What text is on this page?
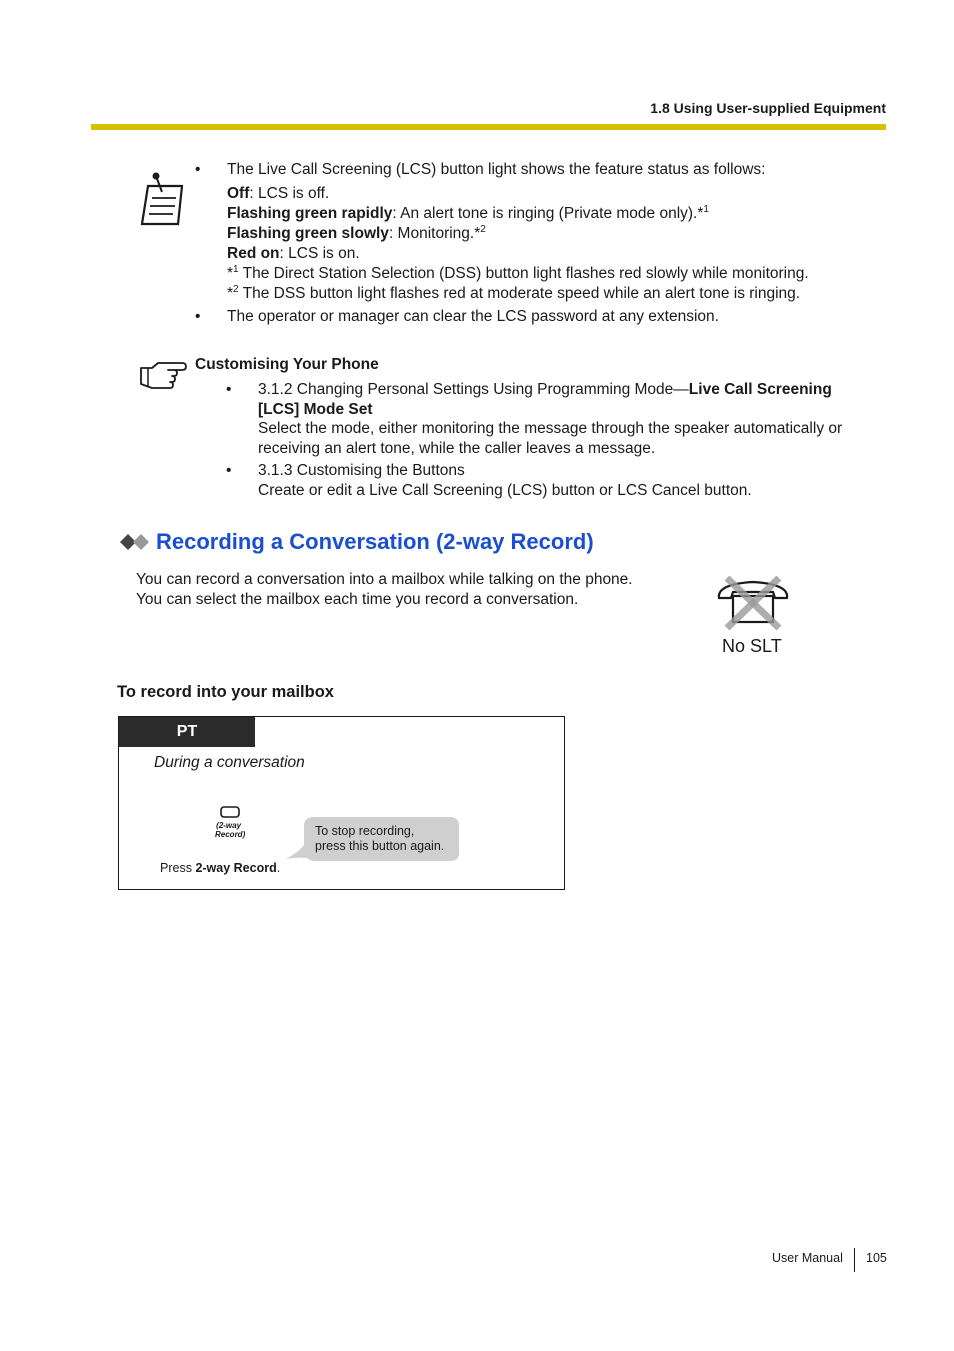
1.8 Using User-supplied Equipment
• The Live Call Screening (LCS) button light shows the feature status as follows:
Off: LCS is off.
Flashing green rapidly: An alert tone is ringing (Private mode only).*$^1$
Flashing green slowly: Monitoring.*$^2$
Red on: LCS is on.
*$^1$ The Direct Station Selection (DSS) button light flashes red slowly while monitoring.
*$^2$ The DSS button light flashes red at moderate speed while an alert tone is ringing.
• The operator or manager can clear the LCS password at any extension.
Customising Your Phone
• 3.1.2 Changing Personal Settings Using Programming Mode—Live Call Screening [LCS] Mode Set
Select the mode, either monitoring the message through the speaker automatically or receiving an alert tone, while the caller leaves a message.
• 3.1.3 Customising the Buttons
Create or edit a Live Call Screening (LCS) button or LCS Cancel button.
Recording a Conversation (2-way Record)
You can record a conversation into a mailbox while talking on the phone.
You can select the mailbox each time you record a conversation.
No SLT
To record into your mailbox
PT
During a conversation
(2-way
Record)	To stop recording,
press this button again.
Press 2-way Record.
User Manual 105
